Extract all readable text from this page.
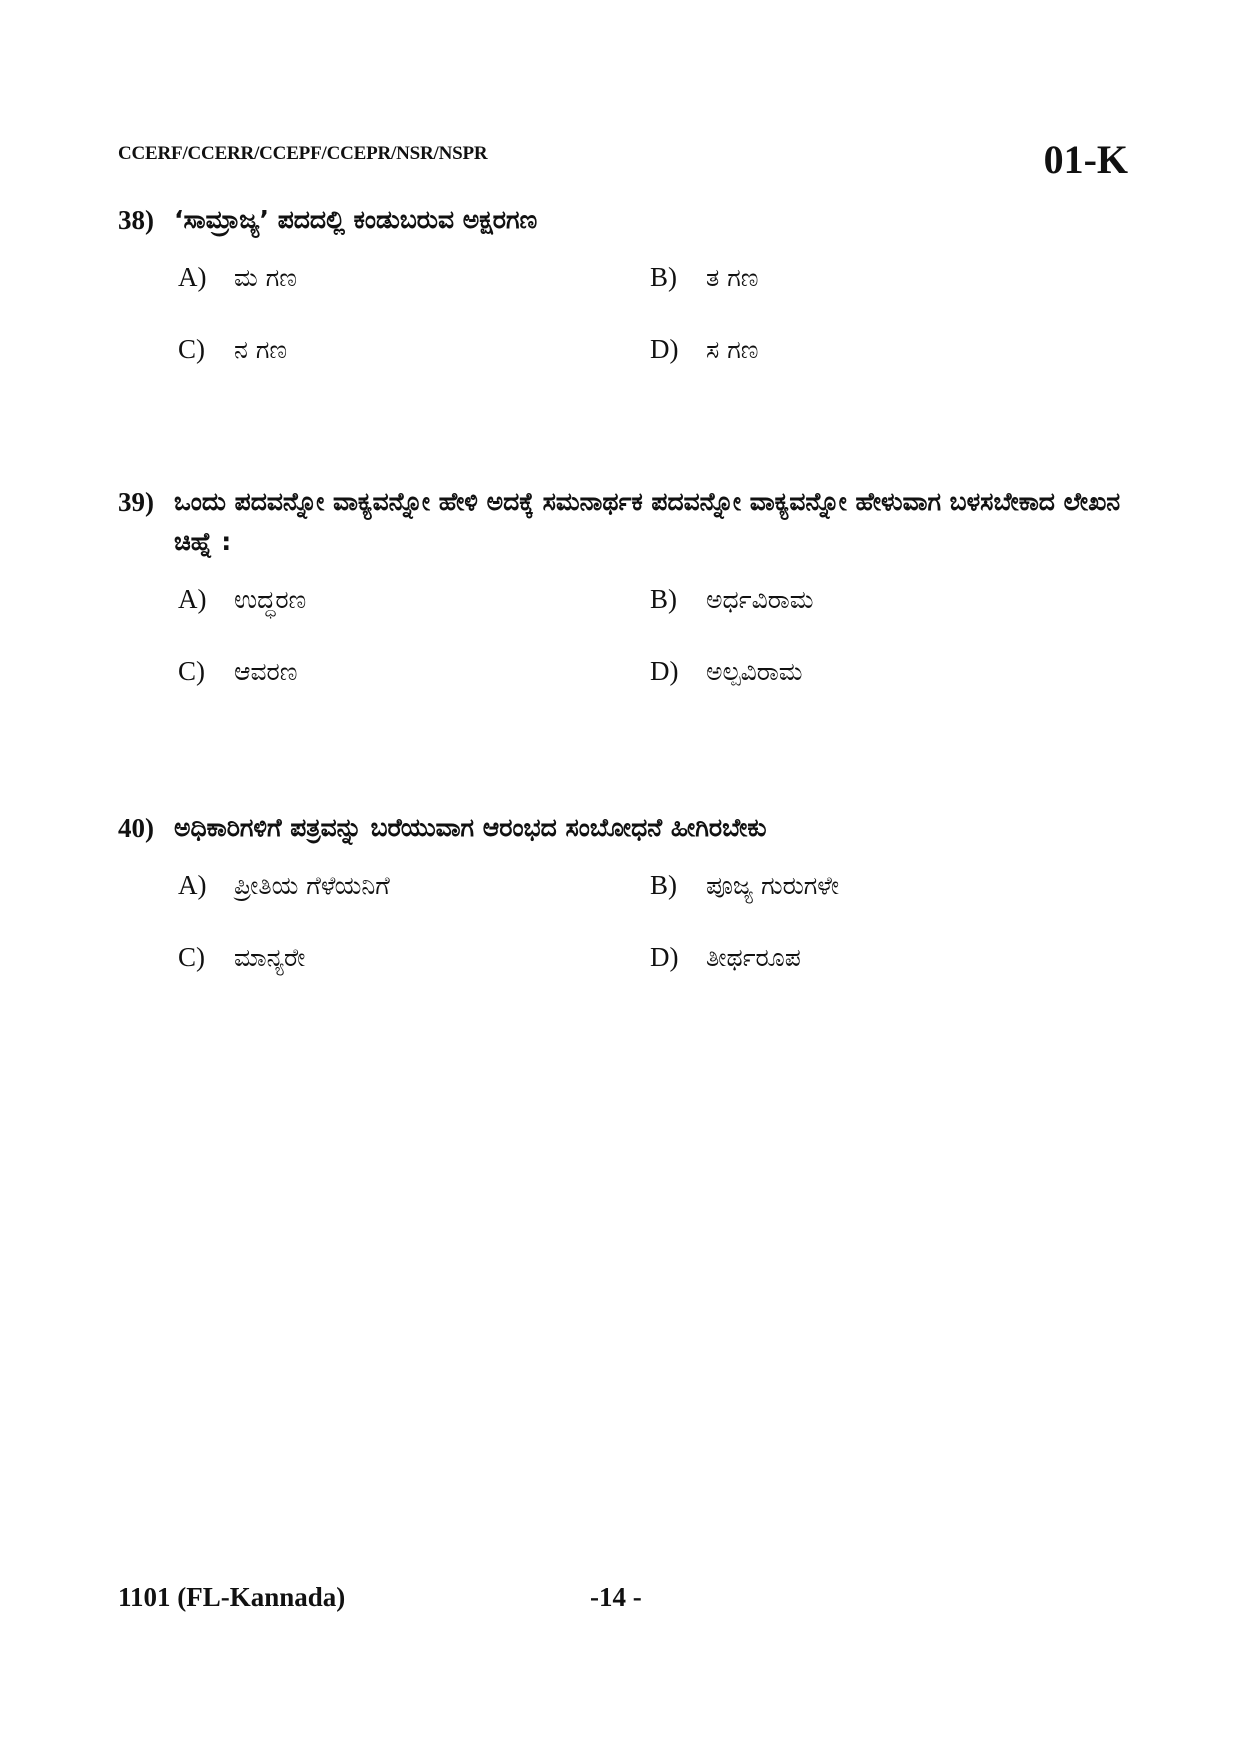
CCERF/CCERR/CCEPF/CCEPR/NSR/NSPR	01-K
38) ‘ಸಾಮ್ರಾಜ್ಯ’ ಪದದಲ್ಲಿ ಕಂಡುಬರುವ ಅಕ್ಷರಗಣ
A)	ಮ ಗಣ	B)	ತ ಗಣ
C)	ನ ಗಣ	D)	ಸ ಗಣ
39) ಒಂದು ಪದವನ್ನೋ ವಾಕ್ಯವನ್ನೋ ಹೇಳಿ ಅದಕ್ಕೆ ಸಮನಾರ್ಥಕ ಪದವನ್ನೋ ವಾಕ್ಯವನ್ನೋ ಹೇಳುವಾಗ ಬಳಸಬೇಕಾದ ಲೇಖನ ಚಿಹ್ನೆ :
A)	ಉದ್ಧರಣ	B)	ಅರ್ಧವಿರಾಮ
C)	ಆವರಣ	D)	ಅಲ್ಪವಿರಾಮ
40) ಅಧಿಕಾರಿಗಳಿಗೆ ಪತ್ರವನ್ನು ಬರೆಯುವಾಗ ಆರಂಭದ ಸಂಬೋಧನೆ ಹೀಗಿರಬೇಕು
A)	ಪ್ರೀತಿಯ ಗೆಳೆಯನಿಗೆ	B)	ಪೂಜ್ಯ ಗುರುಗಳೇ
C)	ಮಾನ್ಯರೇ	D)	ತೀರ್ಥರೂಪ
1101 (FL-Kannada)	-14 -
